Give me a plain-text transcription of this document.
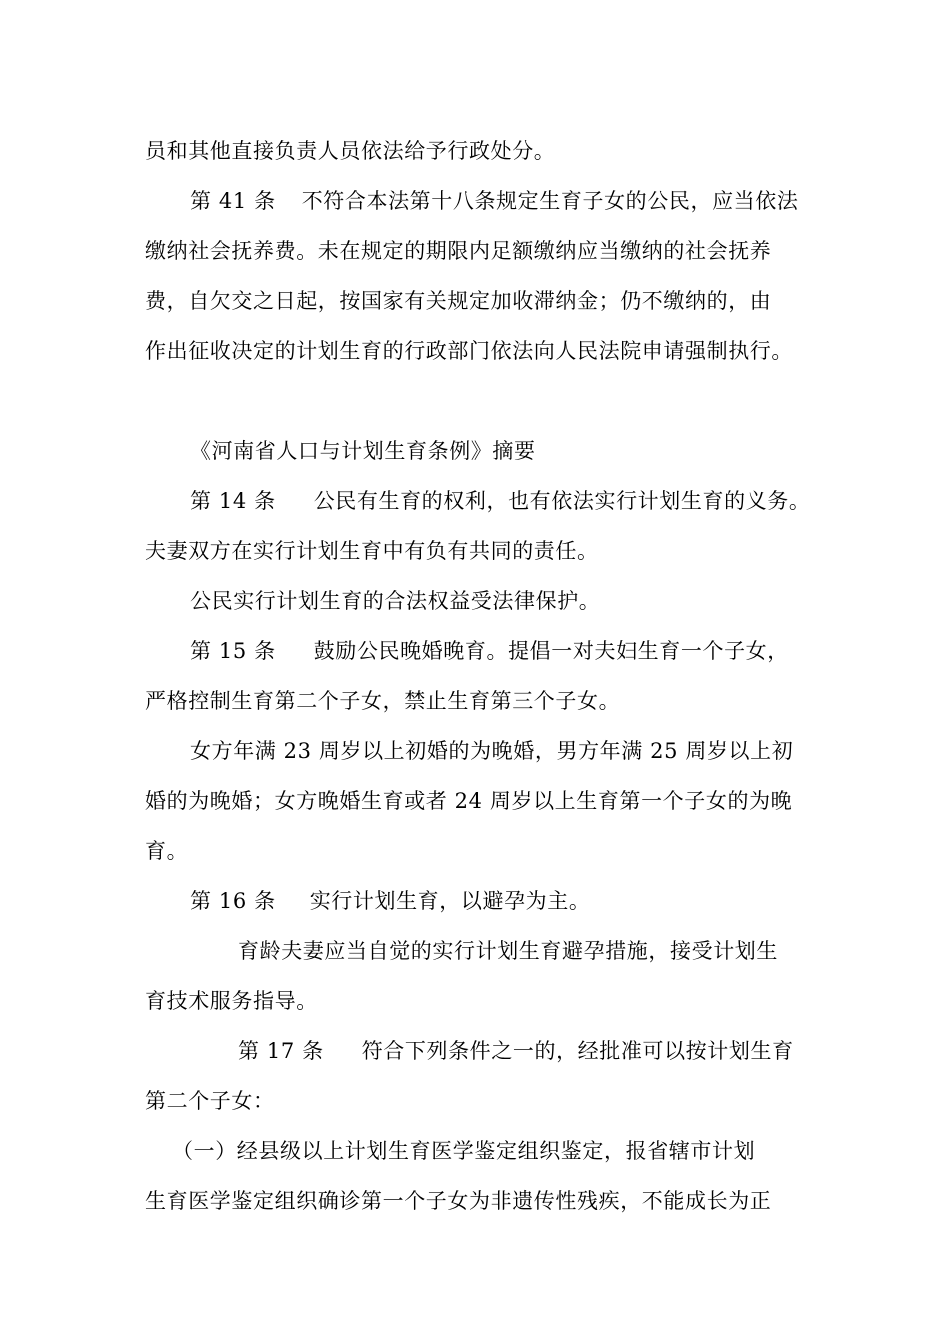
员和其他直接负责人员依法给予行政处分。
第 41 条 不符合本法第十八条规定生育子女的公民，应当依法
缴纳社会抚养费。未在规定的期限内足额缴纳应当缴纳的社会抚养
费，自欠交之日起，按国家有关规定加收滞纳金；仍不缴纳的，由
作出征收决定的计划生育的行政部门依法向人民法院申请强制执行。
《河南省人口与计划生育条例》摘要
第 14 条 公民有生育的权利，也有依法实行计划生育的义务。
夫妻双方在实行计划生育中有负有共同的责任。
公民实行计划生育的合法权益受法律保护。
第 15 条 鼓励公民晚婚晚育。提倡一对夫妇生育一个子女，
严格控制生育第二个子女，禁止生育第三个子女。
女方年满 23 周岁以上初婚的为晚婚，男方年满 25 周岁以上初
婚的为晚婚；女方晚婚生育或者 24 周岁以上生育第一个子女的为晚
育。
第 16 条 实行计划生育，以避孕为主。
育龄夫妻应当自觉的实行计划生育避孕措施，接受计划生
育技术服务指导。
第 17 条 符合下列条件之一的，经批准可以按计划生育
第二个子女：
（一）经县级以上计划生育医学鉴定组织鉴定，报省辖市计划
生育医学鉴定组织确诊第一个子女为非遗传性残疾，不能成长为正
